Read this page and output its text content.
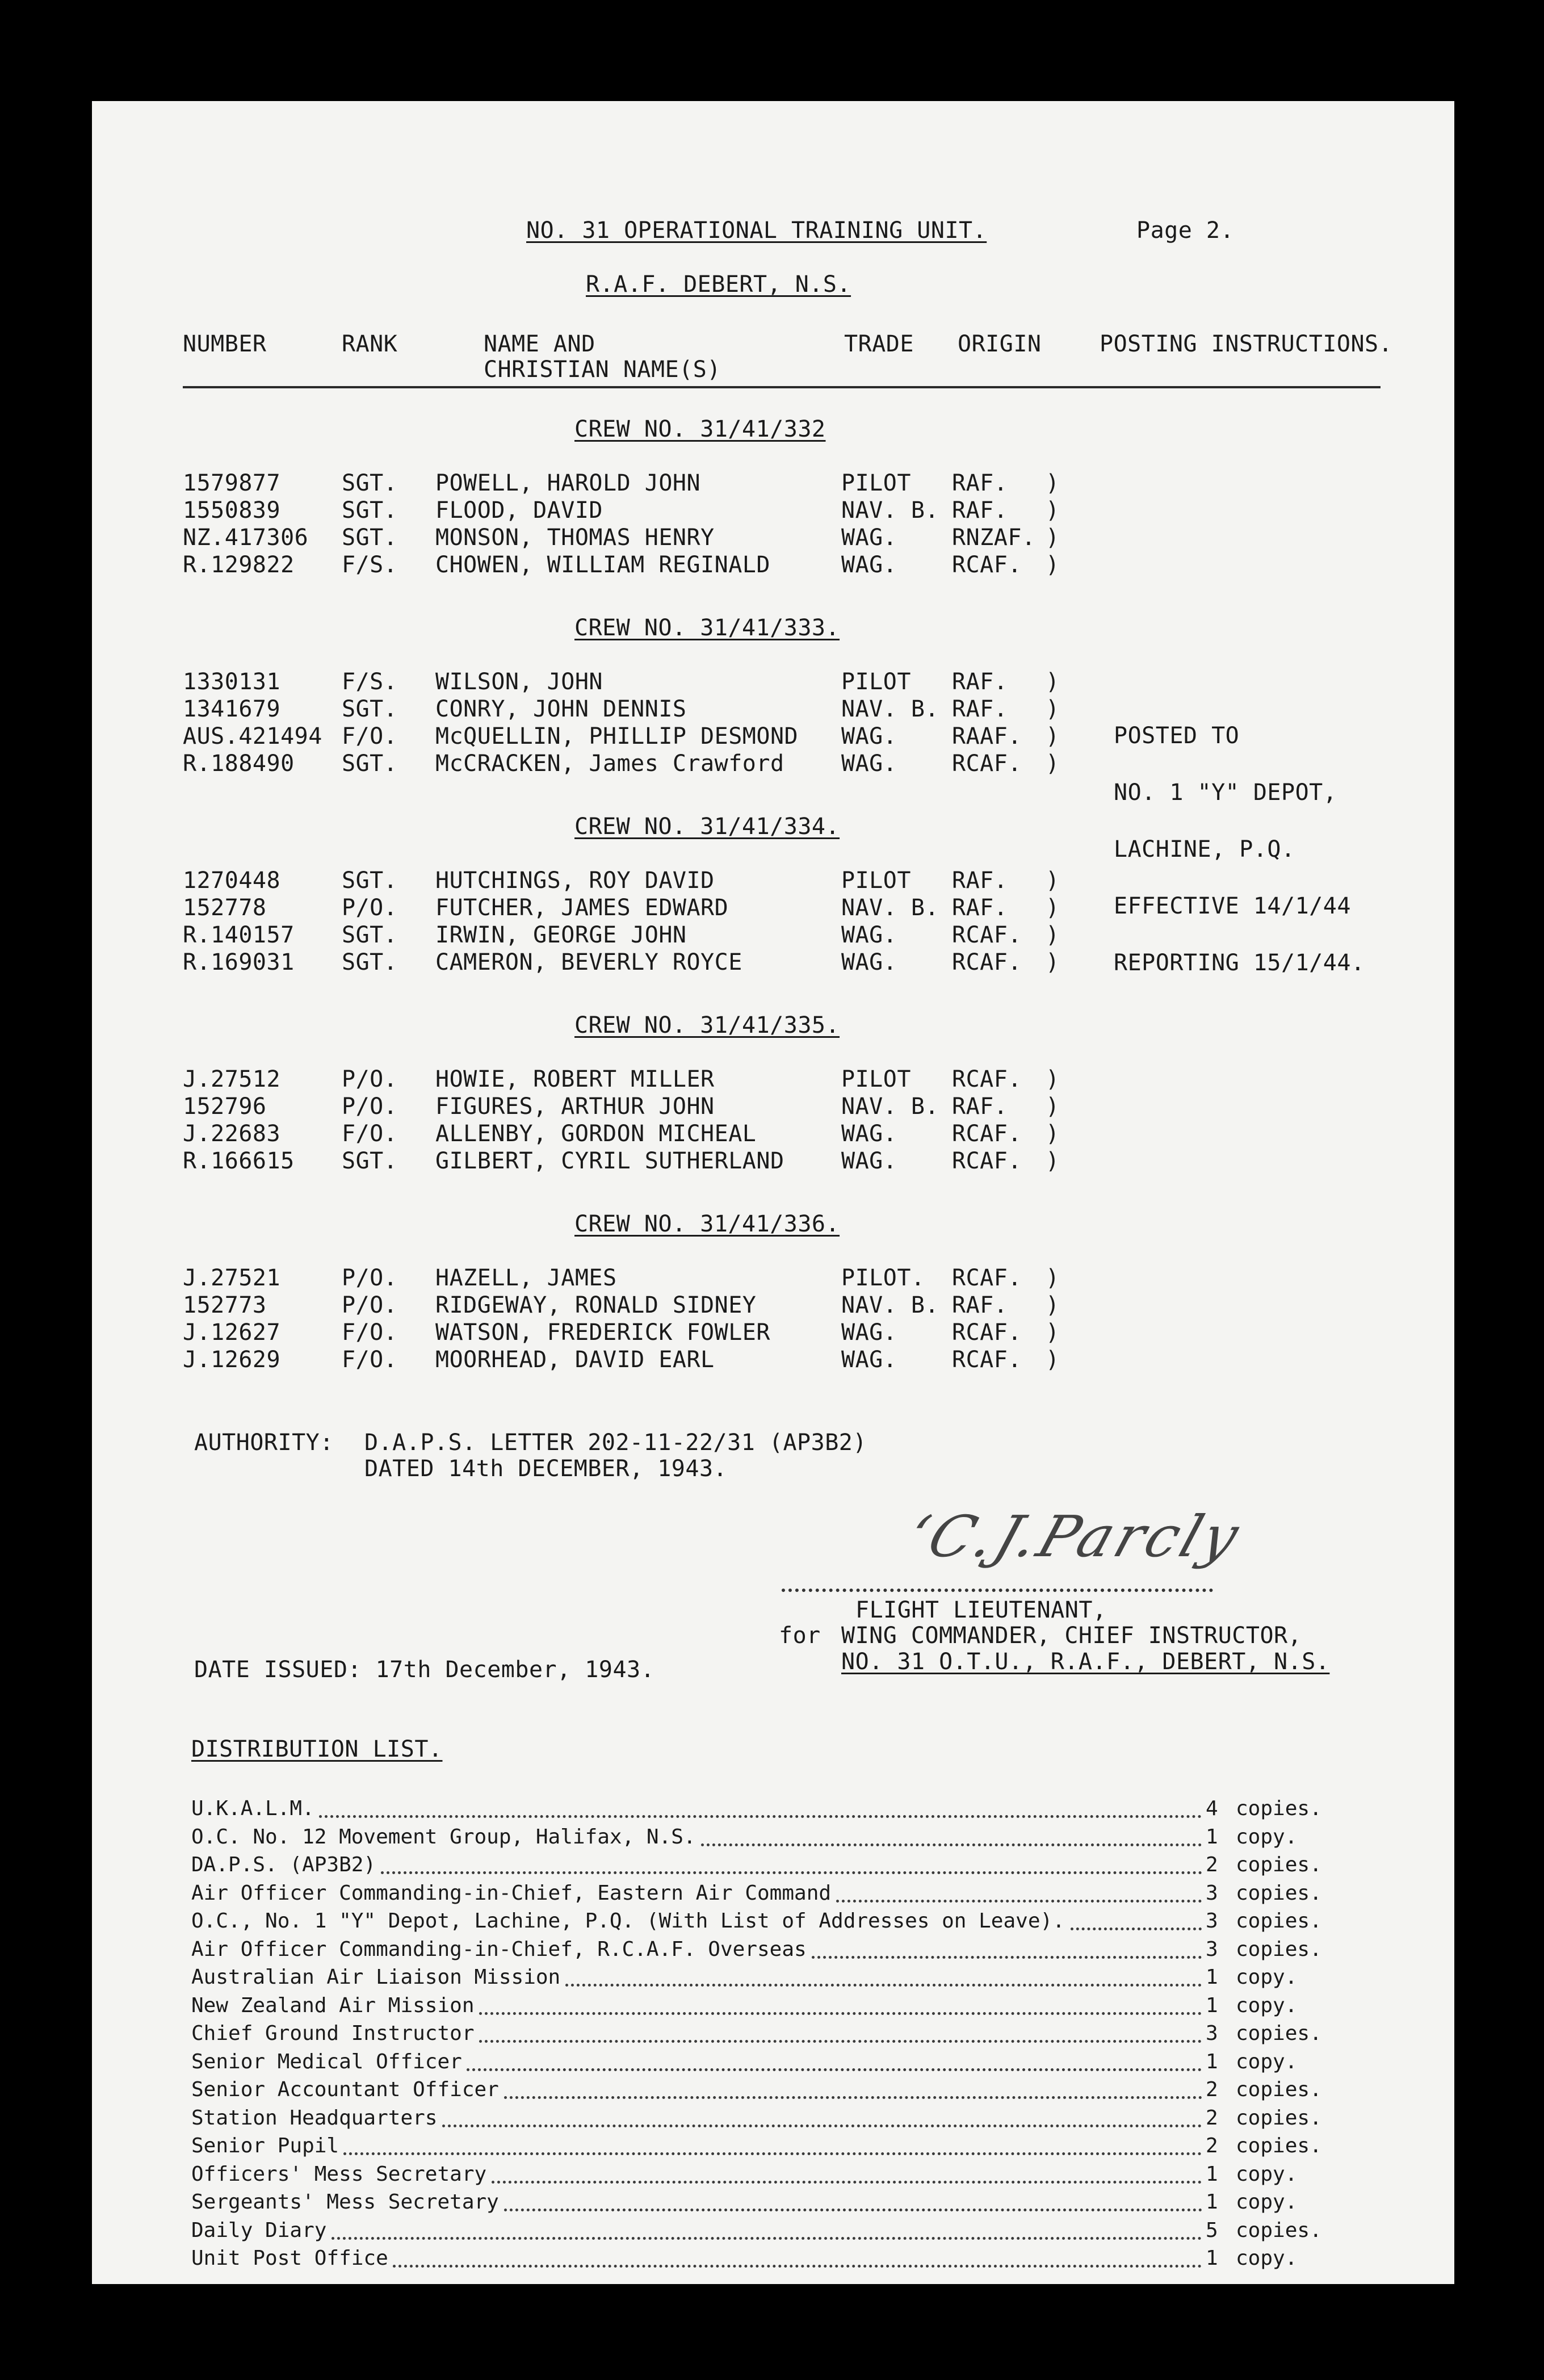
NO. 31 OPERATIONAL TRAINING UNIT.	Page 2.
R.A.F. DEBERT, N.S.
NUMBER	RANK	NAME AND
CHRISTIAN NAME(S)
TRADE ORIGIN	POSTING INSTRUCTIONS.
CREW NO. 31/41/332
1579877	SGT. POWELL, HAROLD JOHN	PILOT RAF. )
1550839	SGT. FLOOD, DAVID	NAV. B. RAF. )
NZ.417306 SGT. MONSON, THOMAS HENRY	WAG. RNZAF. )
R.129822 F/S. CHOWEN, WILLIAM REGINALD	WAG. RCAF. )
CREW NO. 31/41/333.
1330131	F/S. WILSON, JOHN	PILOT RAF. )
1341679	SGT. CONRY, JOHN DENNIS	NAV. B. RAF. )
AUS.421494 F/O. McQUELLIN, PHILLIP DESMOND WAG. RAAF. )
R.188490 SGT. McCRACKEN, James Crawford	WAG. RCAF. )
CREW NO. 31/41/334.
1270448	SGT. HUTCHINGS, ROY DAVID	PILOT RAF. )
152778	P/O. FUTCHER, JAMES EDWARD	NAV. B. RAF. )
R.140157 SGT. IRWIN, GEORGE JOHN	WAG. RCAF. )
R.169031 SGT. CAMERON, BEVERLY ROYCE	WAG. RCAF. )
CREW NO. 31/41/335.
J.27512	P/O. HOWIE, ROBERT MILLER	PILOT RCAF. )
152796	P/O. FIGURES, ARTHUR JOHN	NAV. B. RAF. )
J.22683	F/O. ALLENBY, GORDON MICHEAL	WAG. RCAF. )
R.166615 SGT. GILBERT, CYRIL SUTHERLAND	WAG. RCAF. )
CREW NO. 31/41/336.
J.27521	P/O. HAZELL, JAMES	PILOT. RCAF. )
152773	P/O. RIDGEWAY, RONALD SIDNEY	NAV. B. RAF. )
J.12627	F/O. WATSON, FREDERICK FOWLER	WAG. RCAF. )
J.12629	F/O. MOORHEAD, DAVID EARL	WAG. RCAF. )
POSTED TO
NO. 1 "Y" DEPOT,
LACHINE, P.Q.
EFFECTIVE 14/1/44
REPORTING 15/1/44.
AUTHORITY: D.A.P.S. LETTER 202-11-22/31 (AP3B2)
DATED 14th DECEMBER, 1943.
ʻC.J.Parcly
FLIGHT LIEUTENANT,
for WING COMMANDER, CHIEF INSTRUCTOR,
NO. 31 O.T.U., R.A.F., DEBERT, N.S.
DATE ISSUED: 17th December, 1943.
DISTRIBUTION LIST.
U.K.A.L.M.	4 copies.
O.C. No. 12 Movement Group, Halifax, N.S.	1 copy.
DA.P.S. (AP3B2)	2 copies.
Air Officer Commanding-in-Chief, Eastern Air Command	3 copies.
O.C., No. 1 "Y" Depot, Lachine, P.Q. (With List of Addresses on Leave).	3 copies.
Air Officer Commanding-in-Chief, R.C.A.F. Overseas	3 copies.
Australian Air Liaison Mission	1 copy.
New Zealand Air Mission	1 copy.
Chief Ground Instructor	3 copies.
Senior Medical Officer	1 copy.
Senior Accountant Officer	2 copies.
Station Headquarters	2 copies.
Senior Pupil	2 copies.
Officers' Mess Secretary	1 copy.
Sergeants' Mess Secretary	1 copy.
Daily Diary	5 copies.
Unit Post Office	1 copy.
